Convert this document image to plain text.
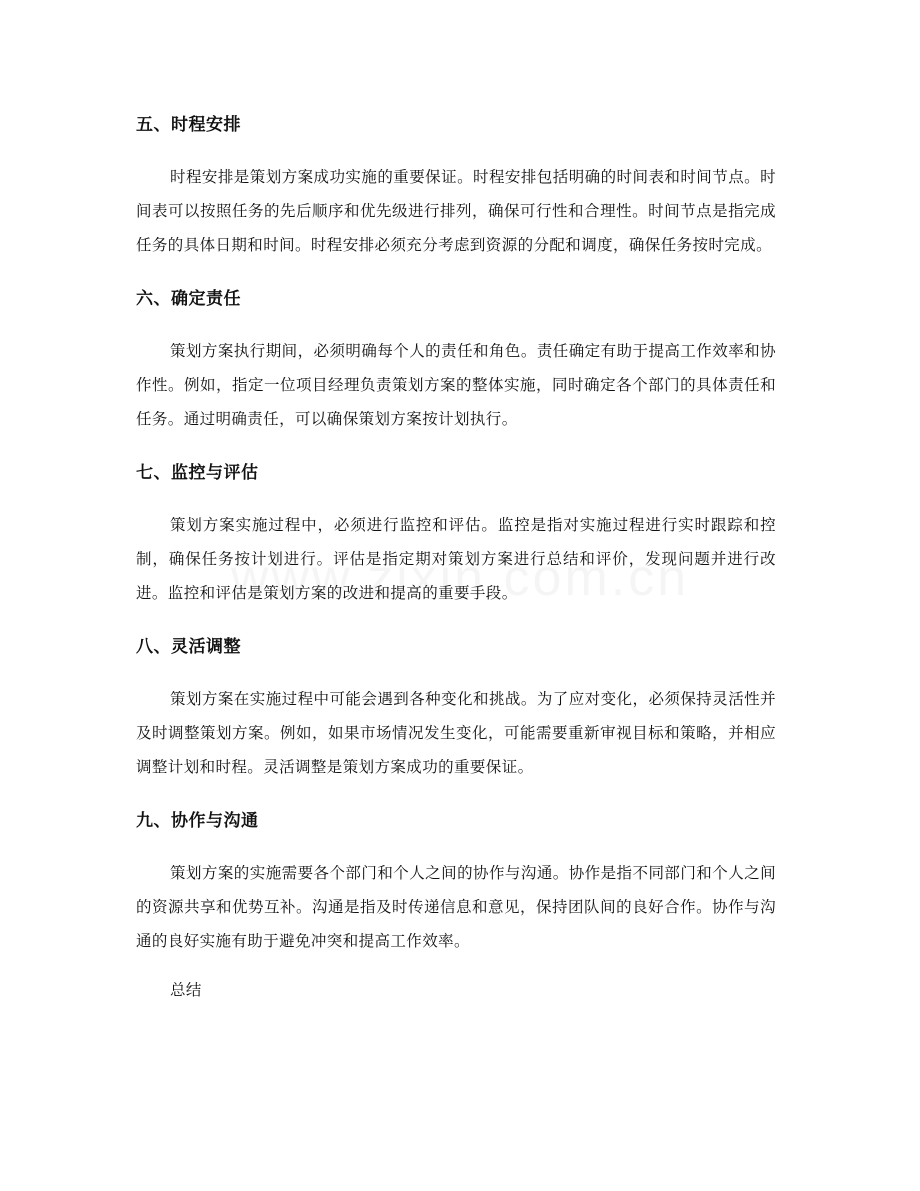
五、时程安排

时程安排是策划方案成功实施的重要保证。时程安排包括明确的时间表和时间节点。时间表可以按照任务的先后顺序和优先级进行排列，确保可行性和合理性。时间节点是指完成任务的具体日期和时间。时程安排必须充分考虑到资源的分配和调度，确保任务按时完成。

六、确定责任

策划方案执行期间，必须明确每个人的责任和角色。责任确定有助于提高工作效率和协作性。例如，指定一位项目经理负责策划方案的整体实施，同时确定各个部门的具体责任和任务。通过明确责任，可以确保策划方案按计划执行。

七、监控与评估

策划方案实施过程中，必须进行监控和评估。监控是指对实施过程进行实时跟踪和控制，确保任务按计划进行。评估是指定期对策划方案进行总结和评价，发现问题并进行改进。监控和评估是策划方案的改进和提高的重要手段。

八、灵活调整

策划方案在实施过程中可能会遇到各种变化和挑战。为了应对变化，必须保持灵活性并及时调整策划方案。例如，如果市场情况发生变化，可能需要重新审视目标和策略，并相应调整计划和时程。灵活调整是策划方案成功的重要保证。

九、协作与沟通

策划方案的实施需要各个部门和个人之间的协作与沟通。协作是指不同部门和个人之间的资源共享和优势互补。沟通是指及时传递信息和意见，保持团队间的良好合作。协作与沟通的良好实施有助于避免冲突和提高工作效率。

总结
